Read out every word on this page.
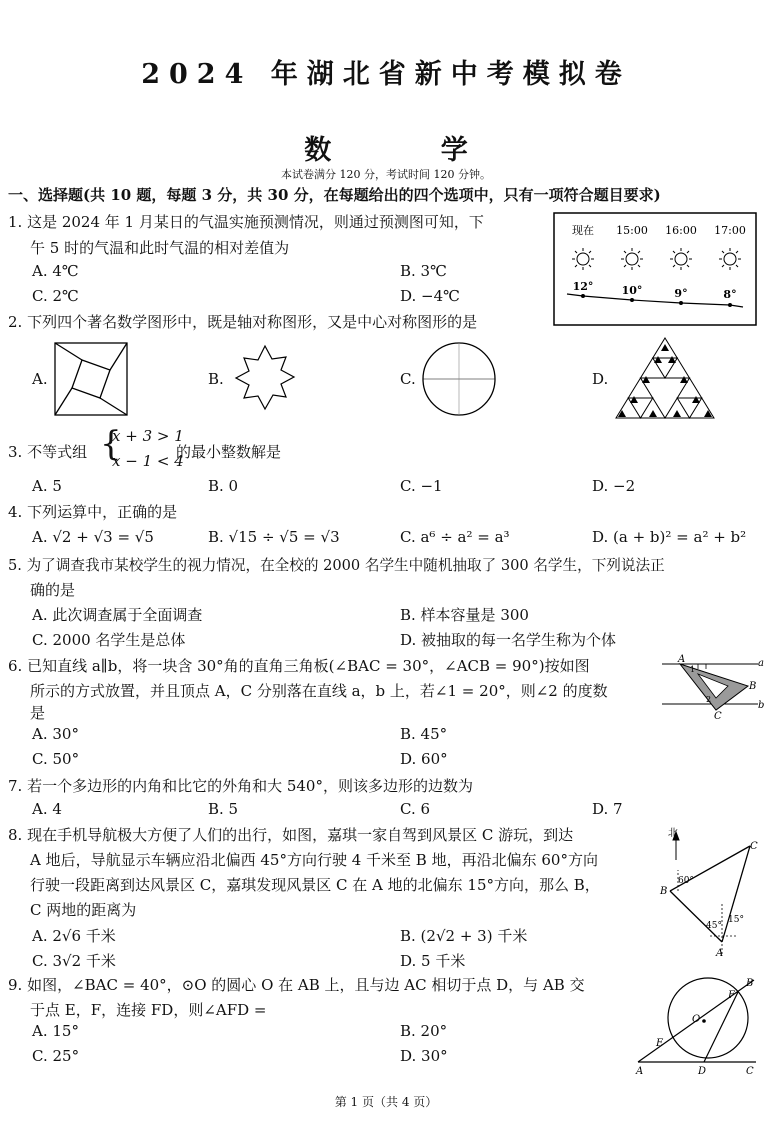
2024 年湖北省新中考模拟卷
数 学
本试卷满分 120 分，考试时间 120 分钟。
一、选择题(共 10 题，每题 3 分，共 30 分，在每题给出的四个选项中，只有一项符合题目要求)
1. 这是 2024 年 1 月某日的气温实施预测情况，则通过预测图可知，下
午 5 时的气温和此时气温的相对差值为
A. 4℃	B. 3℃
C. 2℃	D. −4℃
现在 15:00 16:00 17:00
12°	10°	9°	8°
2. 下列四个著名数学图形中，既是轴对称图形，又是中心对称图形的是
A.	B.	C.	D.
3. 不等式组 {
x + 3 > 1
x − 1 < 4
的最小整数解是
A. 5	B. 0	C. −1	D. −2
4. 下列运算中，正确的是
A. √2 + √3 = √5	B. √15 ÷ √5 = √3	C. a⁶ ÷ a² = a³	D. (a + b)² = a² + b²
5. 为了调查我市某校学生的视力情况，在全校的 2000 名学生中随机抽取了 300 名学生，下列说法正
确的是
A. 此次调查属于全面调查	B. 样本容量是 300
C. 2000 名学生是总体	D. 被抽取的每一名学生称为个体
6. 已知直线 a∥b，将一块含 30°角的直角三角板(∠BAC = 30°，∠ACB = 90°)按如图
所示的方式放置，并且顶点 A，C 分别落在直线 a，b 上，若∠1 = 20°，则∠2 的度数
是
A. 30°	B. 45°
C. 50°	D. 60°
A
B
C
a
b
1
2
7. 若一个多边形的内角和比它的外角和大 540°，则该多边形的边数为
A. 4	B. 5	C. 6	D. 7
8. 现在手机导航极大方便了人们的出行，如图，嘉琪一家自驾到风景区 C 游玩，到达
A 地后，导航显示车辆应沿北偏西 45°方向行驶 4 千米至 B 地，再沿北偏东 60°方向
行驶一段距离到达风景区 C，嘉琪发现风景区 C 在 A 地的北偏东 15°方向，那么 B，
C 两地的距离为
A. 2√6 千米	B. (2√2 + 3) 千米
C. 3√2 千米	D. 5 千米
北
B
C
A
60°
45°
15°
9. 如图，∠BAC = 40°，⊙O 的圆心 O 在 AB 上，且与边 AC 相切于点 D，与 AB 交
于点 E，F，连接 FD，则∠AFD =
A. 15°	B. 20°
C. 25°	D. 30°
A
B
C
D
E
F
O
第 1 页（共 4 页）
